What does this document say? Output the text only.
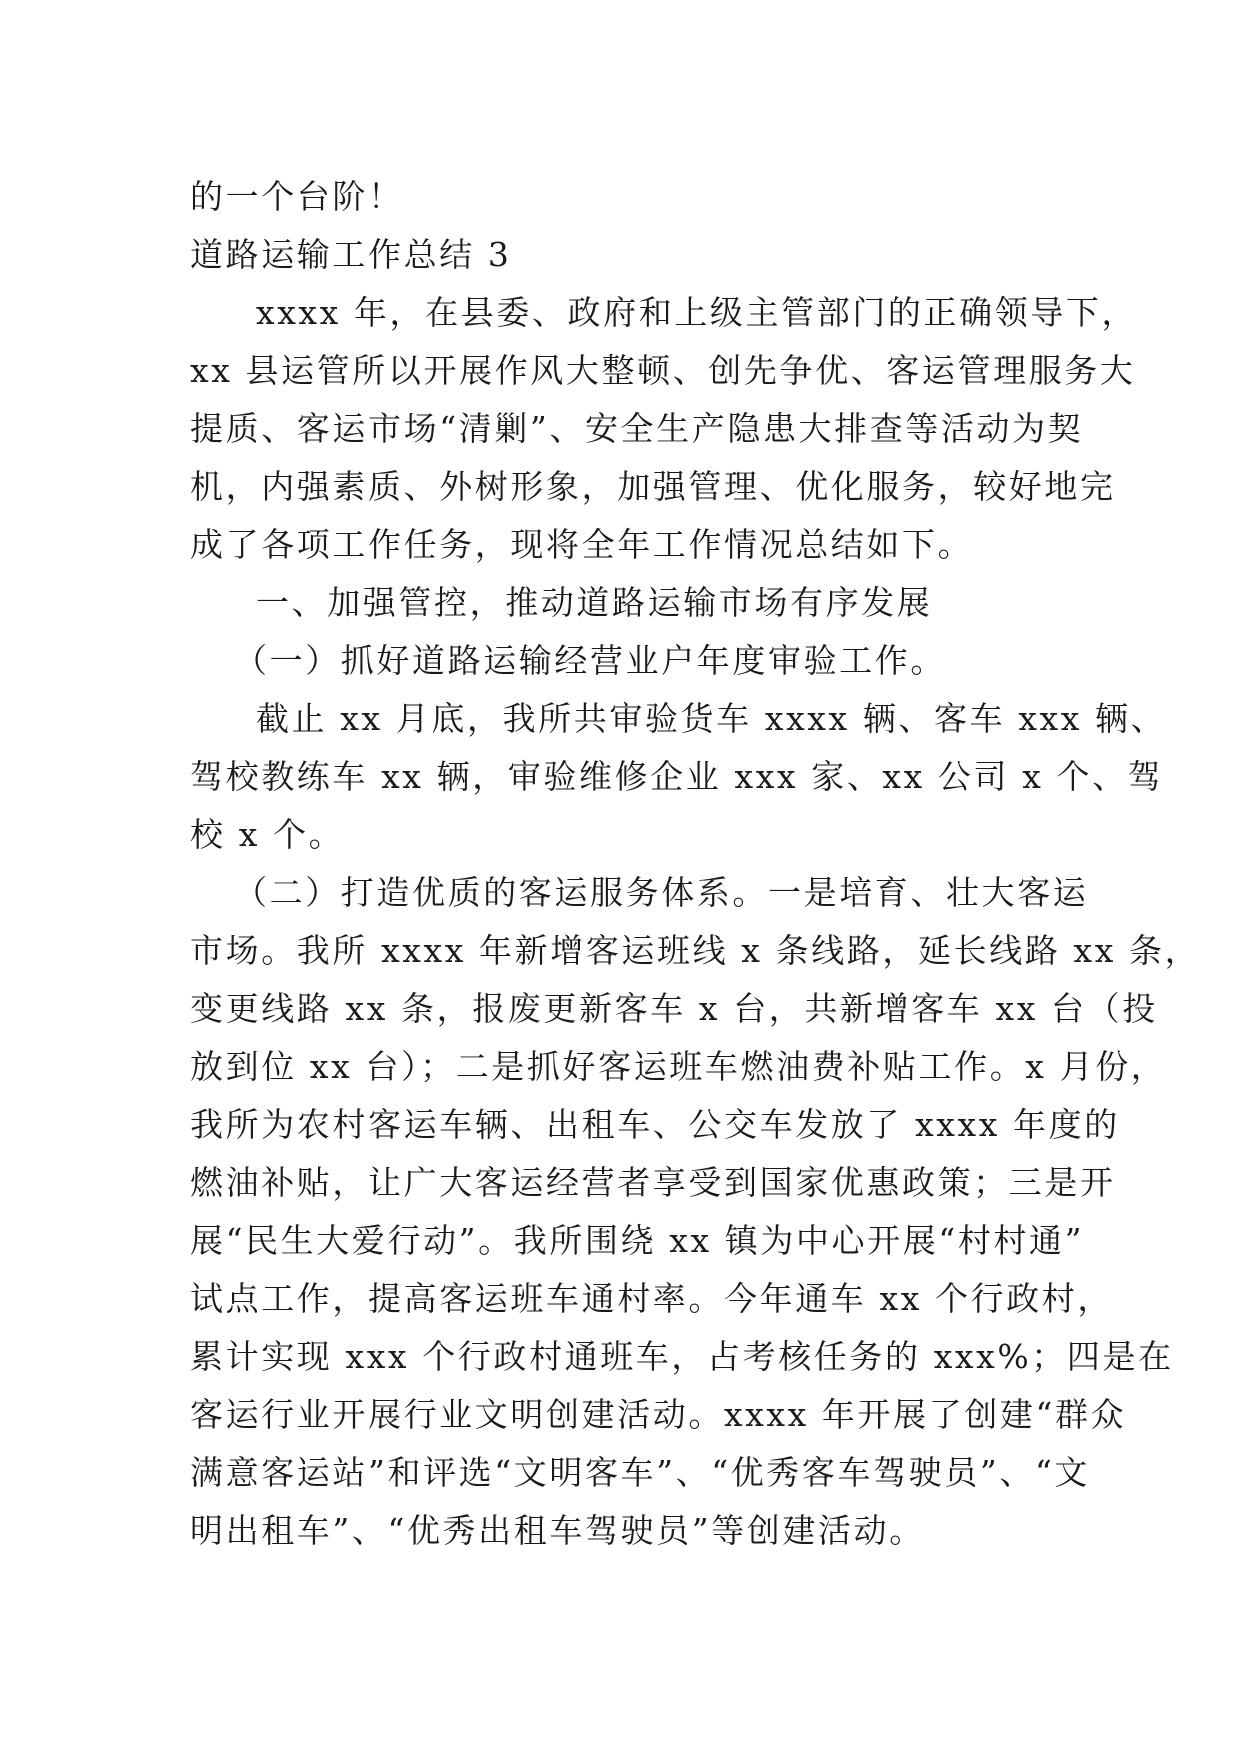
的一个台阶！
道路运输工作总结 3
xxxx 年，在县委、政府和上级主管部门的正确领导下，
xx 县运管所以开展作风大整顿、创先争优、客运管理服务大
提质、客运市场“清剿”、安全生产隐患大排查等活动为契
机，内强素质、外树形象，加强管理、优化服务，较好地完
成了各项工作任务，现将全年工作情况总结如下。
一、加强管控，推动道路运输市场有序发展
（一）抓好道路运输经营业户年度审验工作。
截止 xx 月底，我所共审验货车 xxxx 辆、客车 xxx 辆、
驾校教练车 xx 辆，审验维修企业 xxx 家、xx 公司 x 个、驾
校 x 个。
（二）打造优质的客运服务体系。一是培育、壮大客运
市场。我所 xxxx 年新增客运班线 x 条线路，延长线路 xx 条，
变更线路 xx 条，报废更新客车 x 台，共新增客车 xx 台（投
放到位 xx 台）；二是抓好客运班车燃油费补贴工作。x 月份，
我所为农村客运车辆、出租车、公交车发放了 xxxx 年度的
燃油补贴，让广大客运经营者享受到国家优惠政策；三是开
展“民生大爱行动”。我所围绕 xx 镇为中心开展“村村通”
试点工作，提高客运班车通村率。今年通车 xx 个行政村，
累计实现 xxx 个行政村通班车，占考核任务的 xxx%；四是在
客运行业开展行业文明创建活动。xxxx 年开展了创建“群众
满意客运站”和评选“文明客车”、“优秀客车驾驶员”、“文
明出租车”、“优秀出租车驾驶员”等创建活动。
